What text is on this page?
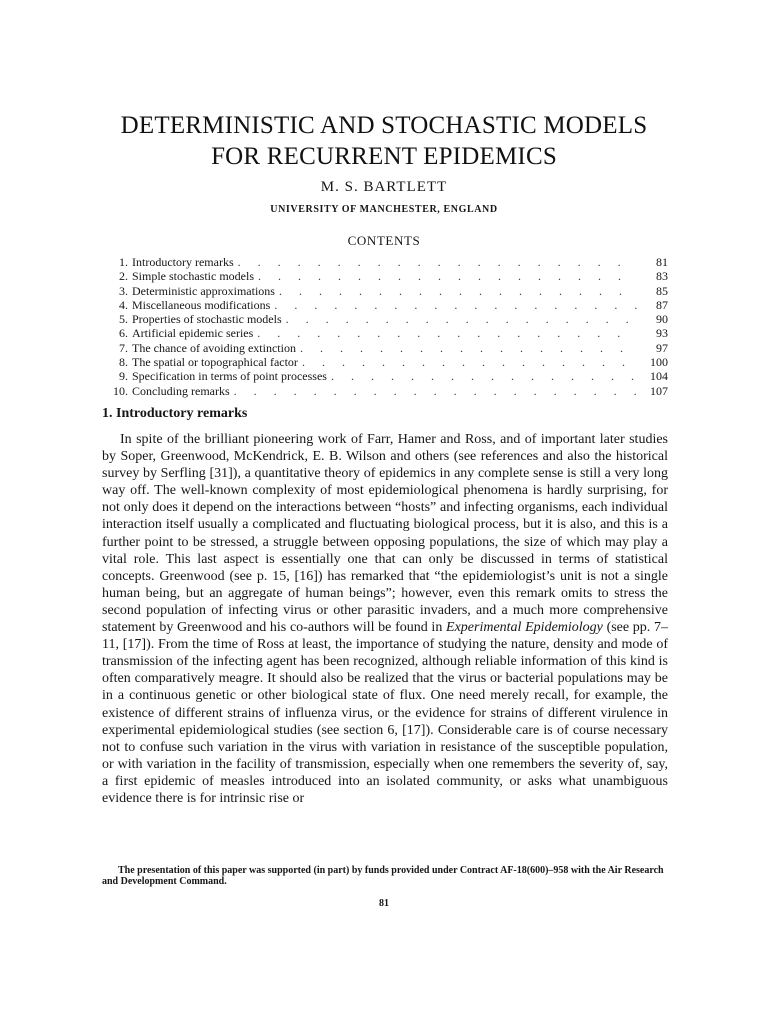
DETERMINISTIC AND STOCHASTIC MODELS
FOR RECURRENT EPIDEMICS
M. S. BARTLETT
UNIVERSITY OF MANCHESTER, ENGLAND
CONTENTS
1. Introductory remarks . . .	81
2. Simple stochastic models . . .	83
3. Deterministic approximations . . .	85
4. Miscellaneous modifications . . .	87
5. Properties of stochastic models . . .	90
6. Artificial epidemic series . . .	93
7. The chance of avoiding extinction . . .	97
8. The spatial or topographical factor . . .	100
9. Specification in terms of point processes . . .	104
10. Concluding remarks . . .	107
1. Introductory remarks
In spite of the brilliant pioneering work of Farr, Hamer and Ross, and of important later studies by Soper, Greenwood, McKendrick, E. B. Wilson and others (see references and also the historical survey by Serfling [31]), a quantitative theory of epidemics in any complete sense is still a very long way off. The well-known complexity of most epidemiological phenomena is hardly surprising, for not only does it depend on the interactions between “hosts” and infecting organisms, each individual interaction itself usually a complicated and fluctuating biological process, but it is also, and this is a further point to be stressed, a struggle between opposing populations, the size of which may play a vital role. This last aspect is essentially one that can only be discussed in terms of statistical concepts. Greenwood (see p. 15, [16]) has remarked that “the epidemiologist’s unit is not a single human being, but an aggregate of human beings”; however, even this remark omits to stress the second population of infecting virus or other parasitic invaders, and a much more comprehensive statement by Greenwood and his co-authors will be found in Experimental Epidemiology (see pp. 7–11, [17]). From the time of Ross at least, the importance of studying the nature, density and mode of transmission of the infecting agent has been recognized, although reliable information of this kind is often comparatively meagre. It should also be realized that the virus or bacterial populations may be in a continuous genetic or other biological state of flux. One need merely recall, for example, the existence of different strains of influenza virus, or the evidence for strains of different virulence in experimental epidemiological studies (see section 6, [17]). Considerable care is of course necessary not to confuse such variation in the virus with variation in resistance of the susceptible population, or with variation in the facility of transmission, especially when one remembers the severity of, say, a first epidemic of measles introduced into an isolated community, or asks what unambiguous evidence there is for intrinsic rise or
The presentation of this paper was supported (in part) by funds provided under Contract AF-18(600)–958 with the Air Research and Development Command.
81
